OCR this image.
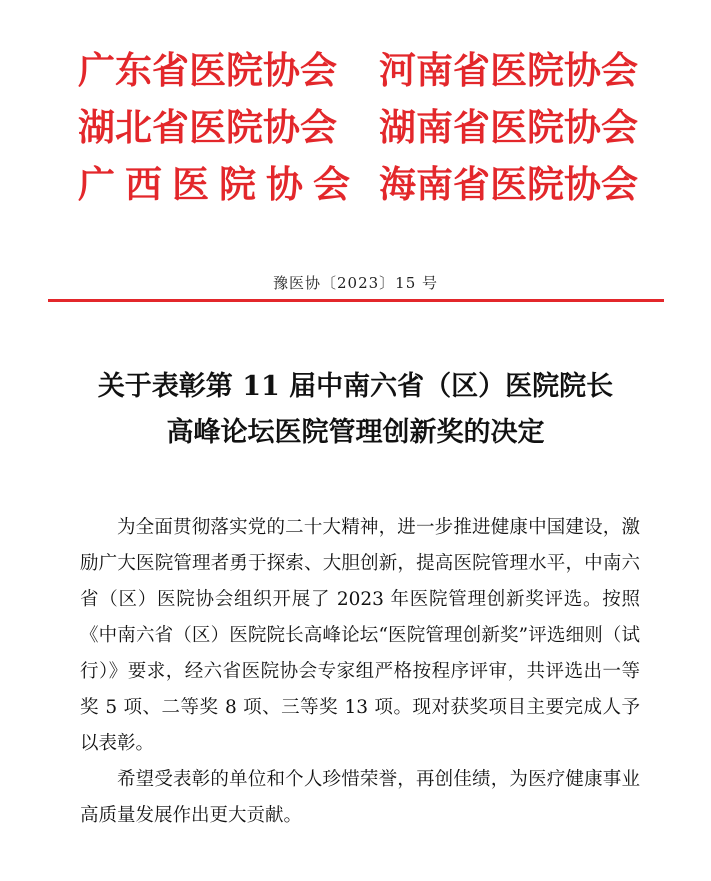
广东省医院协会 河南省医院协会
湖北省医院协会 湖南省医院协会
广西医院协会 海南省医院协会
豫医协〔2023〕15 号
关于表彰第 11 届中南六省（区）医院院长
高峰论坛医院管理创新奖的决定

为全面贯彻落实党的二十大精神，进一步推进健康中国建设，激励广大医院管理者勇于探索、大胆创新，提高医院管理水平，中南六省（区）医院协会组织开展了 2023 年医院管理创新奖评选。按照《中南六省（区）医院院长高峰论坛“医院管理创新奖”评选细则（试行）》要求，经六省医院协会专家组严格按程序评审，共评选出一等奖 5 项、二等奖 8 项、三等奖 13 项。现对获奖项目主要完成人予以表彰。

希望受表彰的单位和个人珍惜荣誉，再创佳绩，为医疗健康事业高质量发展作出更大贡献。
